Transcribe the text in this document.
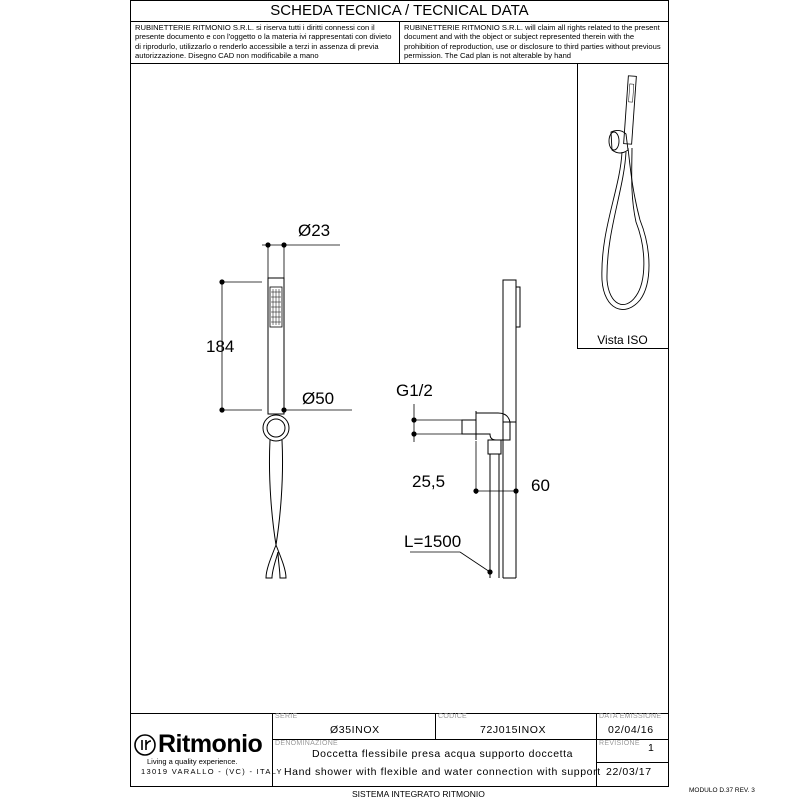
SCHEDA TECNICA / TECNICAL DATA
RUBINETTERIE RITMONIO S.R.L. si riserva tutti i diritti connessi con il presente documento e con l'oggetto o la materia ivi rappresentati con divieto di riprodurlo, utilizzarlo o renderlo accessibile a terzi in assenza di previa autorizzazione. Disegno CAD non modificabile a mano
RUBINETTERIE RITMONIO S.R.L. will claim all rights related to the present document and with the object or subject represented therein with the prohibition of reproduction, use or disclosure to third parties without previous permission. The Cad plan is not alterable by hand
Vista ISO
Ø23
184
Ø50	G1/2
25,5	60
L=1500
Ritmonio
Living a quality experience.
13019 VARALLO - (VC) - ITALY
SERIE
Ø35INOX
CODICE
72J015INOX
DATA EMISSIONE
02/04/16
DENOMINAZIONE
Doccetta flessibile presa acqua supporto doccetta
Hand shower with flexible and water connection with support
REVISIONE 1
22/03/17
SISTEMA INTEGRATO RITMONIO	MODULO D.37 REV. 3
